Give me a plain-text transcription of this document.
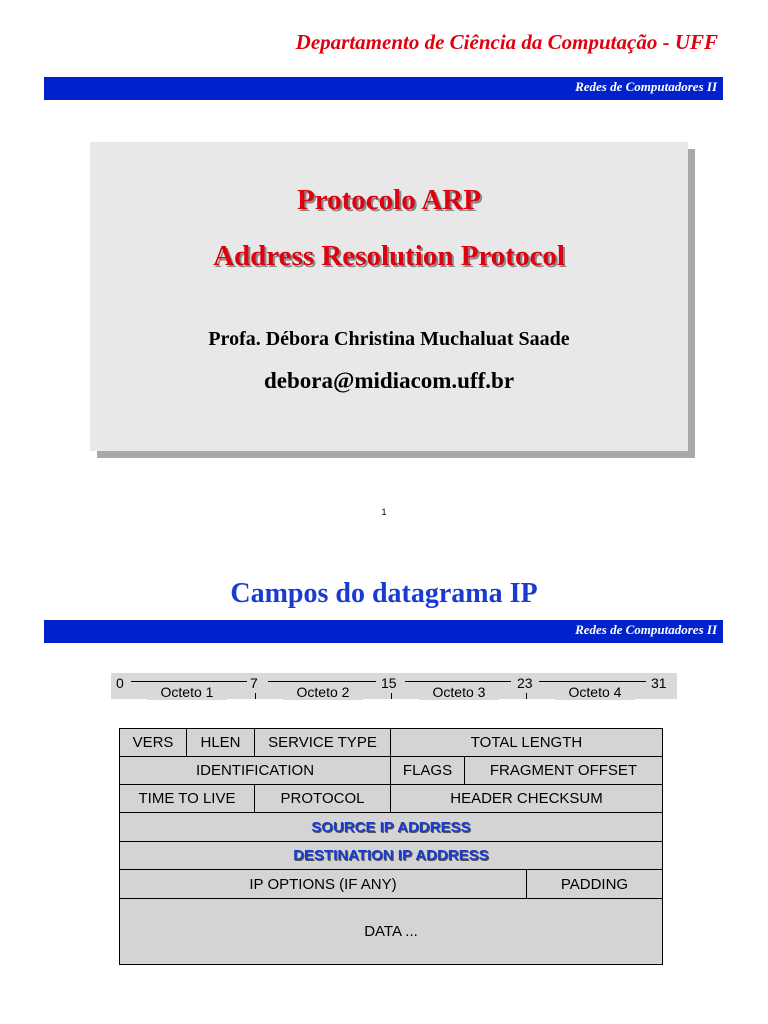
Departamento de Ciência da Computação - UFF
Redes de Computadores II
Protocolo ARP
Address Resolution Protocol
Profa. Débora Christina Muchaluat Saade
debora@midiacom.uff.br
1
Campos do datagrama IP
Redes de Computadores II
0	7	15	23	31
Octeto 1	Octeto 2	Octeto 3	Octeto 4
VERS	HLEN	SERVICE TYPE	TOTAL LENGTH
IDENTIFICATION	FLAGS	FRAGMENT OFFSET
TIME TO LIVE	PROTOCOL	HEADER CHECKSUM
SOURCE IP ADDRESS
DESTINATION IP ADDRESS
IP OPTIONS (IF ANY)	PADDING
DATA ...
